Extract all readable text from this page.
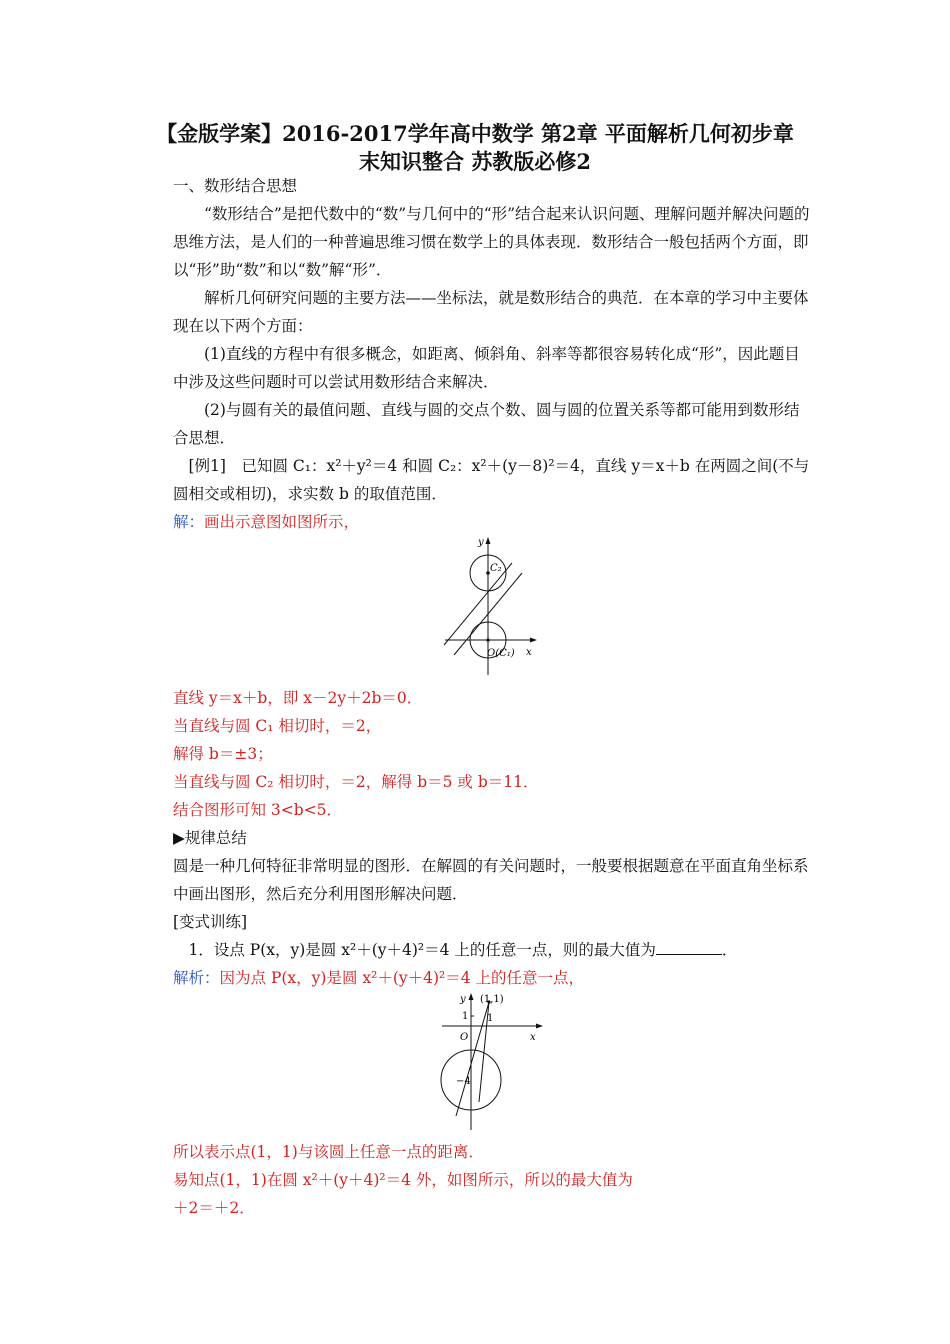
【金版学案】2016-2017学年高中数学 第2章 平面解析几何初步章
末知识整合 苏教版必修2

一、数形结合思想

“数形结合”是把代数中的“数”与几何中的“形”结合起来认识问题、理解问题并解决问题的思维方法，是人们的一种普遍思维习惯在数学上的具体表现．数形结合一般包括两个方面，即以“形”助“数”和以“数”解“形”．

解析几何研究问题的主要方法——坐标法，就是数形结合的典范．在本章的学习中主要体现在以下两个方面：

(1)直线的方程中有很多概念，如距离、倾斜角、斜率等都很容易转化成“形”，因此题目中涉及这些问题时可以尝试用数形结合来解决．

(2)与圆有关的最值问题、直线与圆的交点个数、圆与圆的位置关系等都可能用到数形结合思想．

[例1]　已知圆 C₁：x²＋y²＝4 和圆 C₂：x²＋(y－8)²＝4，直线 y＝x＋b 在两圆之间(不与圆相交或相切)，求实数 b 的取值范围．

解：画出示意图如图所示，

y
C₂
O(C₁) x

直线 y＝x＋b，即 x－2y＋2b＝0．

当直线与圆 C₁ 相切时，＝2，

解得 b＝±3；

当直线与圆 C₂ 相切时，＝2，解得 b＝5 或 b＝11．

结合图形可知 3<b<5．

▶规律总结

圆是一种几何特征非常明显的图形．在解圆的有关问题时，一般要根据题意在平面直角坐标系中画出图形，然后充分利用图形解决问题．

[变式训练]

1．设点 P(x，y)是圆 x²＋(y＋4)²＝4 上的任意一点，则的最大值为	．

解析：因为点 P(x，y)是圆 x²＋(y＋4)²＝4 上的任意一点，

y (1,1)
1 1
O	x
−4

所以表示点(1，1)与该圆上任意一点的距离．

易知点(1，1)在圆 x²＋(y＋4)²＝4 外，如图所示，所以的最大值为

＋2＝＋2．
